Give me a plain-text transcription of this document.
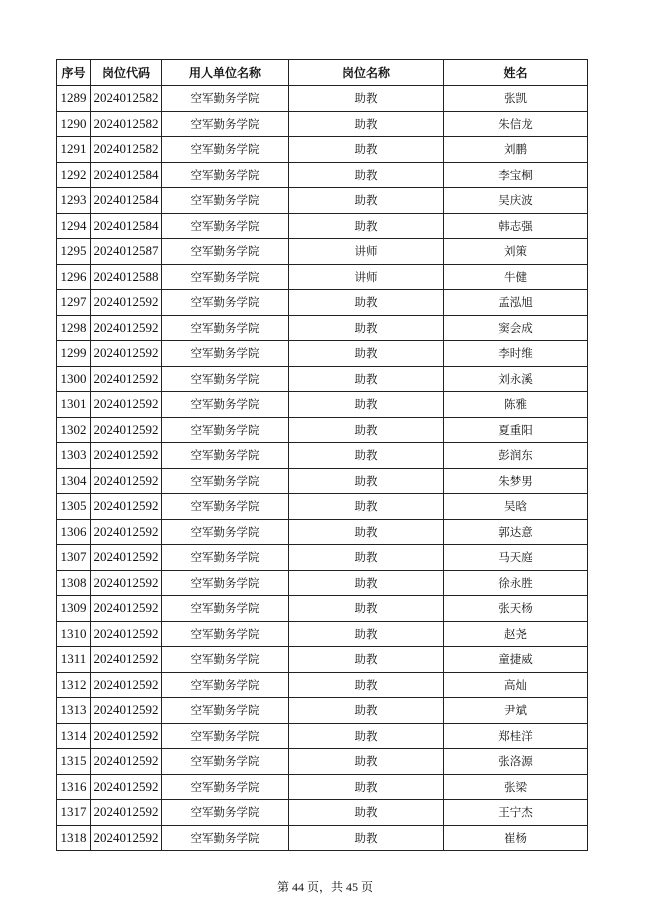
序号	岗位代码	用人单位名称	岗位名称	姓名
1289	2024012582	空军勤务学院	助教	张凯
1290	2024012582	空军勤务学院	助教	朱信龙
1291	2024012582	空军勤务学院	助教	刘鹏
1292	2024012584	空军勤务学院	助教	李宝桐
1293	2024012584	空军勤务学院	助教	吴庆波
1294	2024012584	空军勤务学院	助教	韩志强
1295	2024012587	空军勤务学院	讲师	刘策
1296	2024012588	空军勤务学院	讲师	牛健
1297	2024012592	空军勤务学院	助教	孟泓旭
1298	2024012592	空军勤务学院	助教	窦会成
1299	2024012592	空军勤务学院	助教	李时维
1300	2024012592	空军勤务学院	助教	刘永溪
1301	2024012592	空军勤务学院	助教	陈雅
1302	2024012592	空军勤务学院	助教	夏重阳
1303	2024012592	空军勤务学院	助教	彭润东
1304	2024012592	空军勤务学院	助教	朱梦男
1305	2024012592	空军勤务学院	助教	吴晗
1306	2024012592	空军勤务学院	助教	郭达意
1307	2024012592	空军勤务学院	助教	马天庭
1308	2024012592	空军勤务学院	助教	徐永胜
1309	2024012592	空军勤务学院	助教	张天杨
1310	2024012592	空军勤务学院	助教	赵尧
1311	2024012592	空军勤务学院	助教	童捷威
1312	2024012592	空军勤务学院	助教	高灿
1313	2024012592	空军勤务学院	助教	尹斌
1314	2024012592	空军勤务学院	助教	郑桂洋
1315	2024012592	空军勤务学院	助教	张洛源
1316	2024012592	空军勤务学院	助教	张梁
1317	2024012592	空军勤务学院	助教	王宁杰
1318	2024012592	空军勤务学院	助教	崔杨
第 44 页，共 45 页
